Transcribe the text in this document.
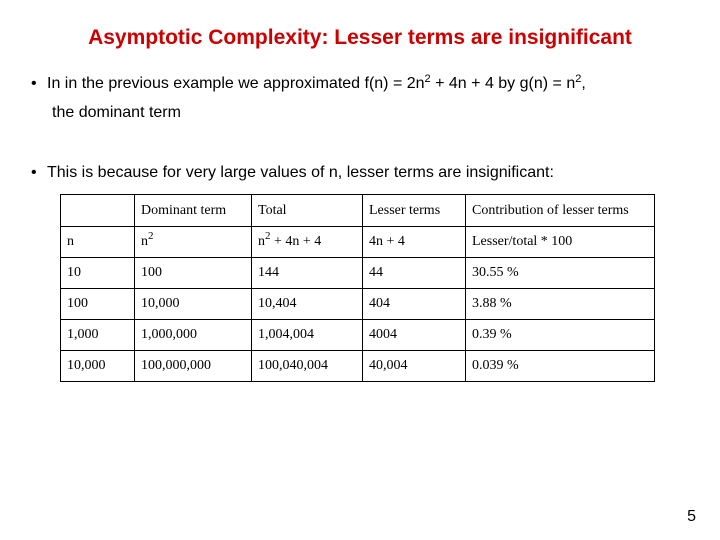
Asymptotic Complexity: Lesser terms are insignificant
• In in the previous example we approximated $f(n) = 2n^2 + 4n + 4$ by $g(n) = n^2$,
the dominant term
• This is because for very large values of n, lesser terms are insignificant:
	Dominant term	Total	Lesser terms	Contribution of lesser terms
n	$n^2$	$n^2 + 4n + 4$	4n + 4	Lesser/total * 100
10	100	144	44	30.55 %
100	10,000	10,404	404	3.88 %
1,000	1,000,000	1,004,004	4004	0.39 %
10,000	100,000,000	100,040,004	40,004	0.039 %
5
